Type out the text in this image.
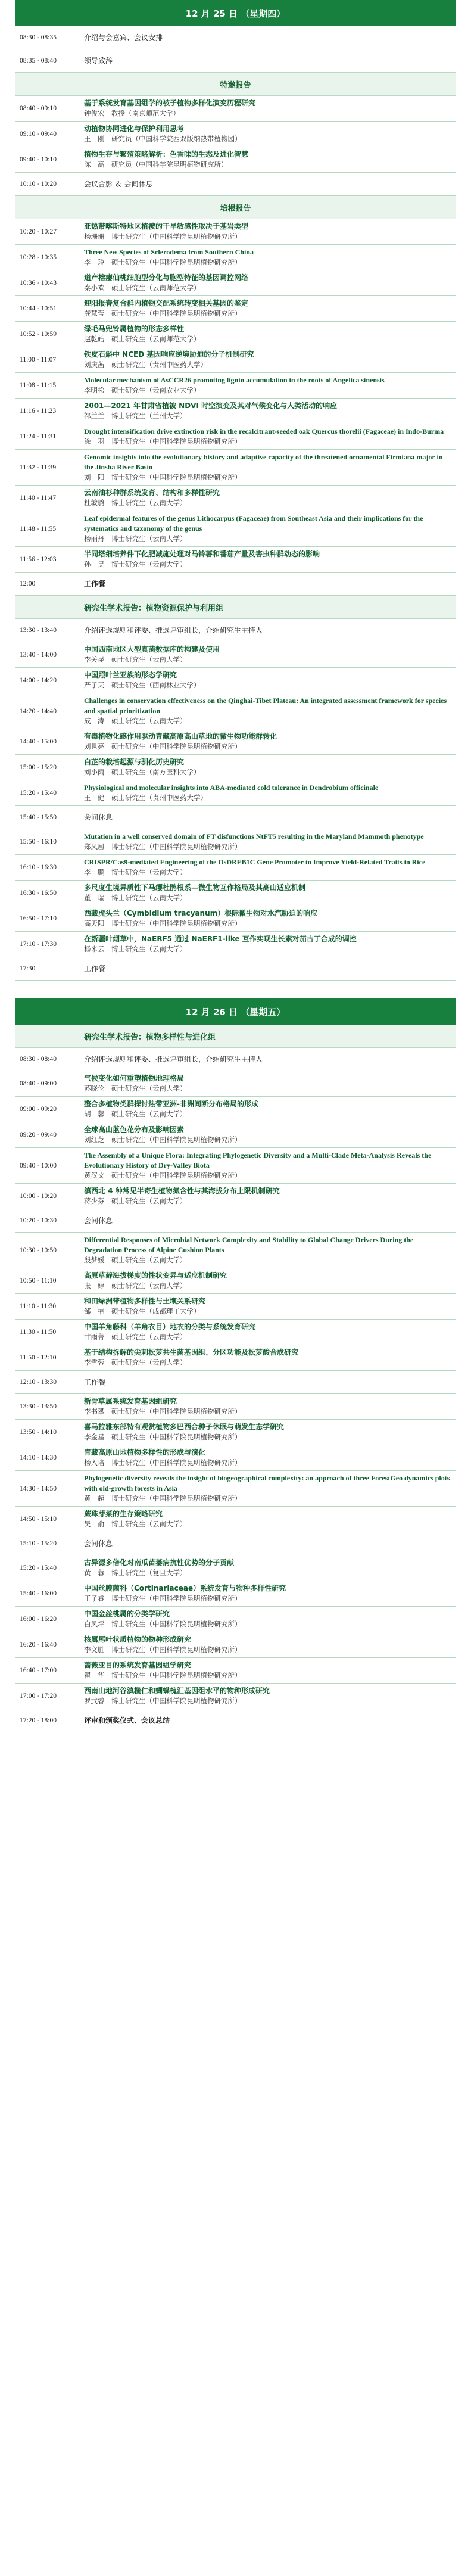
12 月 25 日 （星期四）
08:30 - 08:35	介绍与会嘉宾、会议安排
08:35 - 08:40	领导致辞
特邀报告
08:40 - 09:10
基于系统发育基因组学的被子植物多样化演变历程研究
钟俊宏　教授（南京师范大学）
09:10 - 09:40
动植物协同进化与保护利用思考
王　刚　研究员（中国科学院西双版纳热带植物园）
09:40 - 10:10
植物生存与繁殖策略解析：色香味的生态及进化智慧
陈　高　研究员（中国科学院昆明植物研究所）
10:10 - 10:20	会议合影 ＆ 会间休息
培根报告
10:20 - 10:27
亚热带喀斯特地区植被的干旱敏感性取决于基岩类型
杨珊珊　博士研究生（中国科学院昆明植物研究所）
10:28 - 10:35
Three New Species of Sclerodema from Southern China
李　玲　硕士研究生（中国科学院昆明植物研究所）
10:36 - 10:43
道产榕瘿仙桃细胞型分化与胞型特征的基因调控网络
秦小欢　硕士研究生（云南师范大学）
10:44 - 10:51
迎阳报春复合群内植物交配系统转变相关基因的鉴定
龚慧莹　硕士研究生（中国科学院昆明植物研究所）
10:52 - 10:59
绿毛马兜铃属植物的形态多样性
赵乾皓　硕士研究生（云南师范大学）
11:00 - 11:07
铁皮石斛中 NCED 基因响应逆境胁迫的分子机制研究
刘庆茜　硕士研究生（贵州中医药大学）
11:08 - 11:15
Molecular mechanism of AsCCR26 promoting lignin accumulation in the roots of Angelica sinensis
李明松　硕士研究生（云南农业大学）
11:16 - 11:23
2001—2021 年甘肃省植被 NDVI 时空演变及其对气候变化与人类活动的响应
祁兰兰　博士研究生（兰州大学）
11:24 - 11:31
Drought intensification drive extinction risk in the recalcitrant-seeded oak Quercus thorelii (Fagaceae) in Indo-Burma
涂　羽　博士研究生（中国科学院昆明植物研究所）
11:32 - 11:39
Genomic insights into the evolutionary history and adaptive capacity of the threatened ornamental Firmiana major in the Jinsha River Basin
刘　阳　博士研究生（中国科学院昆明植物研究所）
11:40 - 11:47
云南油杉种群系统发育、结构和多样性研究
杜敏璐　博士研究生（云南大学）
11:48 - 11:55
Leaf epidermal features of the genus Lithocarpus (Fagaceae) from Southeast Asia and their implications for the systematics and taxonomy of the genus
杨丽丹　博士研究生（云南大学）
11:56 - 12:03
半同塔细培养件下化肥减施处理对马铃薯和番茄产量及害虫种群动态的影响
孙　昊　博士研究生（云南大学）
12:00	工作餐
研究生学术报告：植物资源保护与利用组
13:30 - 13:40	介绍评选规则和评委、推选评审组长，介绍研究生主持人
13:40 - 14:00
中国西南地区大型真菌数据库的构建及使用
李关昆　硕士研究生（云南大学）
14:00 - 14:20
中国照叶兰亚族的形态学研究
严子天　硕士研究生（西南林业大学）
14:20 - 14:40
Challenges in conservation effectiveness on the Qinghai-Tibet Plateau: An integrated assessment framework for species and spatial prioritization
成　涛　硕士研究生（云南大学）
14:40 - 15:00
有毒植物化感作用驱动青藏高原高山草地的微生物功能群转化
刘世亮　硕士研究生（中国科学院昆明植物研究所）
15:00 - 15:20
白芷的栽培起源与驯化历史研究
刘小雨　硕士研究生（南方医科大学）
15:20 - 15:40
Physiological and molecular insights into ABA-mediated cold tolerance in Dendrobium officinale
王　健　硕士研究生（贵州中医药大学）
15:40 - 15:50	会间休息
15:50 - 16:10
Mutation in a well conserved domain of FT disfunctions NtFT5 resulting in the Maryland Mammoth phenotype
郑凤凰　博士研究生（中国科学院昆明植物研究所）
16:10 - 16:30
CRISPR/Cas9-mediated Engineering of the OsDREB1C Gene Promoter to Improve Yield-Related Traits in Rice
李　鹏　博士研究生（云南大学）
16:30 - 16:50
多尺度生境异质性下马缨杜鹃根系—微生物互作格局及其高山适应机制
董　瑞　博士研究生（云南大学）
16:50 - 17:10
西藏虎头兰（Cymbidium tracyanum）根际微生物对水汽胁迫的响应
高天阳　博士研究生（中国科学院昆明植物研究所）
17:10 - 17:30
在新疆叶烟草中，NaERF5 通过 NaERF1-like 互作实现生长素对茄古丁合成的调控
杨米云　博士研究生（云南大学）
17:30	工作餐
12 月 26 日 （星期五）
研究生学术报告：植物多样性与进化组
08:30 - 08:40	介绍评选规则和评委、推选评审组长，介绍研究生主持人
08:40 - 09:00
气候变化如何重塑植物地理格局
苏晓伦　硕士研究生（云南大学）
09:00 - 09:20
整合多植物类群探讨热带亚洲-非洲间断分布格局的形成
胡　蓉　硕士研究生（云南大学）
09:20 - 09:40
全球高山蓝色花分布及影响因素
刘红芝　硕士研究生（中国科学院昆明植物研究所）
09:40 - 10:00
The Assembly of a Unique Flora: Integrating Phylogenetic Diversity and a Multi-Clade Meta-Analysis Reveals the Evolutionary History of Dry-Valley Biota
黄汉文　硕士研究生（中国科学院昆明植物研究所）
10:00 - 10:20
滇西北 4 种常见半寄生植物氮含性与其海拔分布上限机制研究
蒋少芬　硕士研究生（云南大学）
10:20 - 10:30	会间休息
10:30 - 10:50
Differential Responses of Microbial Network Complexity and Stability to Global Change Drivers During the Degradation Process of Alpine Cushion Plants
殷梦媛　硕士研究生（云南大学）
10:50 - 11:10
高原草藓海拔梯度的性状变异与适应机制研究
张　婷　硕士研究生（云南大学）
11:10 - 11:30
和田绿洲带植物多样性与土壤关系研究
邹　楠　硕士研究生（成都理工大学）
11:30 - 11:50
中国羊角藤科（羊角衣目）地衣的分类与系统发育研究
甘雨菁　硕士研究生（云南大学）
11:50 - 12:10
基于结构拆解的尖刺松萝共生菌基因组、分区功能及松萝酸合成研究
李雪蓉　硕士研究生（云南大学）
12:10 - 13:30	工作餐
13:30 - 13:50
新骨草属系统发育基因组研究
李书攀　硕士研究生（中国科学院昆明植物研究所）
13:50 - 14:10
喜马拉雅东部特有观赏植物多巴西合种子休眠与萌发生态学研究
李金星　硕士研究生（中国科学院昆明植物研究所）
14:10 - 14:30
青藏高原山地植物多样性的形成与演化
杨入培　博士研究生（中国科学院昆明植物研究所）
14:30 - 14:50
Phylogenetic diversity reveals the insight of biogeographical complexity: an approach of three ForestGeo dynamics plots with old-growth forests in Asia
黄　超　博士研究生（中国科学院昆明植物研究所）
14:50 - 15:10
蕨珠芽菜的生存策略研究
吴　俞　博士研究生（云南大学）
15:10 - 15:20	会间休息
15:20 - 15:40
古异源多倍化对南瓜苗萎病抗性优势的分子贡献
黄　蓉　博士研究生（复旦大学）
15:40 - 16:00
中国丝膜菌科（Cortinariaceae）系统发育与物种多样性研究
王子睿　博士研究生（中国科学院昆明植物研究所）
16:00 - 16:20
中国金丝桃属的分类学研究
白凤坪　博士研究生（中国科学院昆明植物研究所）
16:20 - 16:40
核属尾叶状质植物的物种形成研究
李文胜　博士研究生（中国科学院昆明植物研究所）
16:40 - 17:00
蔷薇亚目的系统发育基因组学研究
翟　华　博士研究生（中国科学院昆明植物研究所）
17:00 - 17:20
西南山地河谷滇榄仁和蝴蝶槐汇基因组水平的物种形成研究
罗武睿　博士研究生（中国科学院昆明植物研究所）
17:20 - 18:00	评审和颁奖仪式、会议总结
